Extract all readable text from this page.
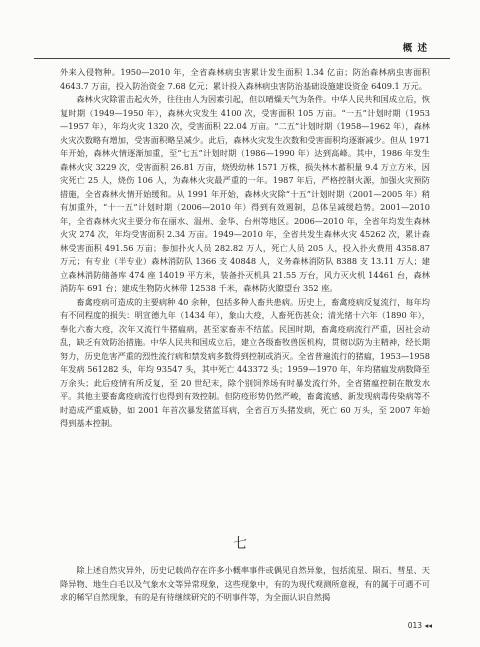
概 述

外来入侵物种。1950—2010 年，全省森林病虫害累计发生面积 1.34 亿亩；防治森林病虫害面积 4643.7 万亩，投入防治资金 7.68 亿元；累计投入森林病虫害防治基础设施建设资金 6409.1 万元。

森林火灾除雷击起火外，往往由人为因素引起，但以晴燥天气为条件。中华人民共和国成立后，恢复时期（1949—1950 年），森林火灾发生 4100 次，受害面积 105 万亩。“一五”计划时期（1953—1957 年），年均火灾 1320 次，受害面积 22.04 万亩。“二五”计划时期（1958—1962 年），森林火灾次数略有增加，受害面积略呈减少。此后，森林火灾发生次数和受害面积均逐渐减少。但从 1971 年开始，森林火情逐渐加重，至“七五”计划时期（1986—1990 年）达到高峰。其中，1986 年发生森林火灾 3229 次，受害面积 26.81 万亩，烧毁幼林 1571 万株，损失林木蓄积量 9.4 万立方米，因灾死亡 25 人，烧伤 106 人，为森林火灾最严重的一年。1987 年后，严格控制火源，加强火灾预防措施，全省森林火情开始缓和。从 1991 年开始，森林火灾除“十五”计划时期（2001—2005 年）稍有加重外，“十一五”计划时期（2006—2010 年）得到有效遏制，总体呈减缓趋势。2001—2010 年，全省森林火灾主要分布在丽水、温州、金华、台州等地区。2006—2010 年，全省年均发生森林火灾 274 次，年均受害面积 2.34 万亩。1949—2010 年，全省共发生森林火灾 45262 次，累计森林受害面积 491.56 万亩；参加扑火人员 282.82 万人，死亡人员 205 人，投入扑火费用 4358.87 万元；有专业（半专业）森林消防队 1366 支 40848 人，义务森林消防队 8388 支 13.11 万人；建立森林消防储备库 474 座 14019 平方米，装备扑灭机具 21.55 万台，风力灭火机 14461 台，森林消防车 691 台；建成生物防火林带 12538 千米，森林防火瞭望台 352 座。

畜禽疫病可造成的主要病种 40 余种，包括多种人畜共患病。历史上，畜禽疫病反复流行，每年均有不同程度的损失：明宣德九年（1434 年），象山大疫，人畜死伤甚众；清光绪十六年（1890 年），奉化六畜大疫，次年又流行牛猪瘟病，甚至家畜赤不结蓝。民国时期，畜禽疫病流行严重，因社会动乱，缺乏有效防治措施。中华人民共和国成立后，建立各级畜牧兽医机构，贯彻以防为主精神，经长期努力，历史危害严重的烈性流行病和禁发病多数得到控制或消灭。全省普遍流行的猪瘟，1953—1958 年发病 561282 头，年均 93547 头，其中死亡 443372 头；1959—1970 年，年均猪瘟发病数降至万余头；此后疫情有所反复，至 20 世纪末，除个别饲养场有时暴发流行外，全省猪瘟控制在散发水平。其他主要畜禽疫病流行也得到有效控制。但防疫形势仍然严峻，畜禽流感、新发现病毒传染病等不时造成严重威胁，如 2001 年首次暴发猪蓝耳病，全省百万头猪发病，死亡 60 万头，至 2007 年始得到基本控制。

七

除上述自然灾异外，历史记载尚存在许多小概率事件或偶见自然异象，包括流星、陨石、彗星、天降异物、地生白毛以及气象水文等异常现象，这些现象中，有的为现代观测所意视，有的属于可遇不可求的稀罕自然现象，有的是有待继续研究的不明事件等，为全面认识自然揭

013 ◂◂
